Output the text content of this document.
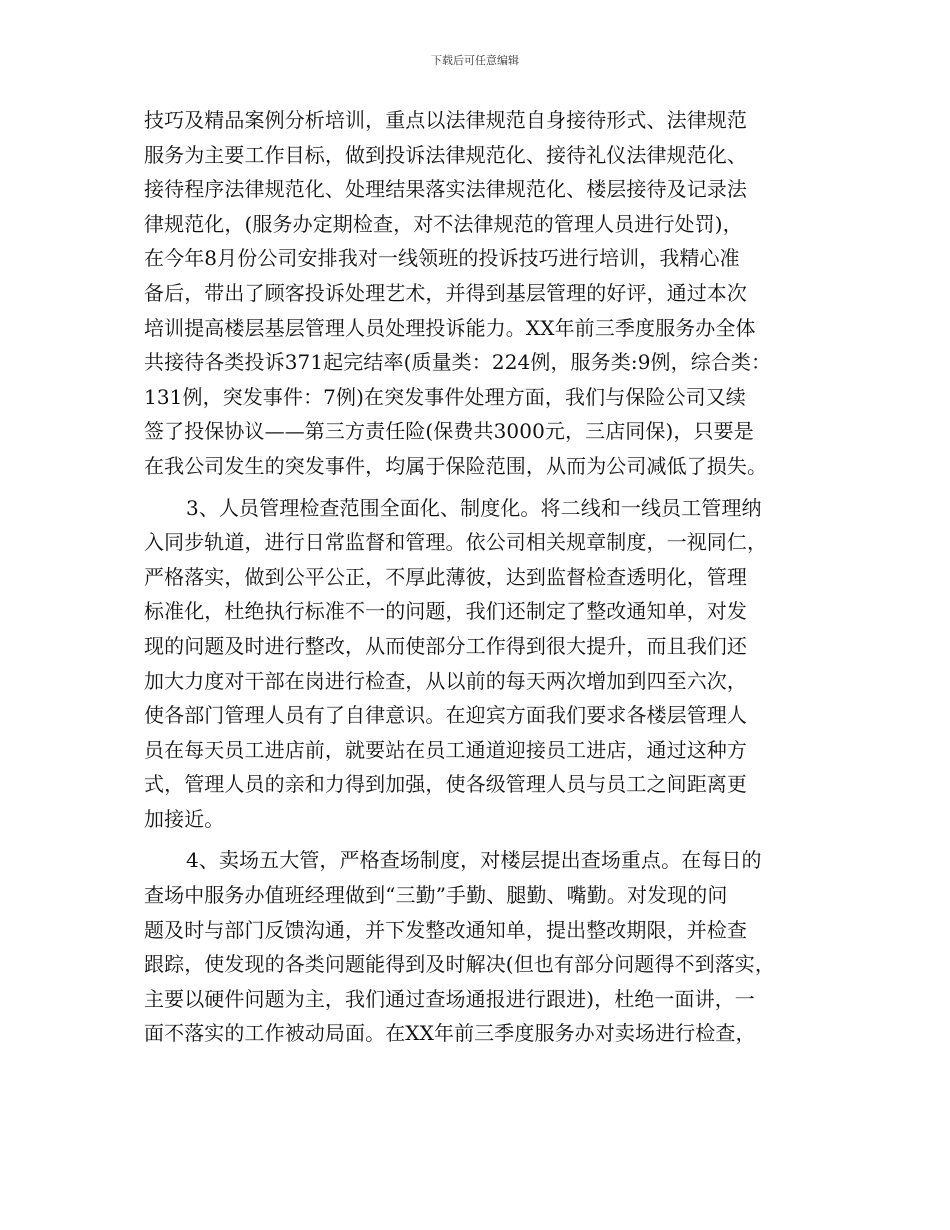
下载后可任意编辑
技巧及精品案例分析培训，重点以法律规范自身接待形式、法律规范
服务为主要工作目标，做到投诉法律规范化、接待礼仪法律规范化、
接待程序法律规范化、处理结果落实法律规范化、楼层接待及记录法
律规范化，(服务办定期检查，对不法律规范的管理人员进行处罚)，
在今年8月份公司安排我对一线领班的投诉技巧进行培训，我精心准
备后，带出了顾客投诉处理艺术，并得到基层管理的好评，通过本次
培训提高楼层基层管理人员处理投诉能力。XX年前三季度服务办全体
共接待各类投诉371起完结率(质量类：224例，服务类:9例，综合类：
131例，突发事件：7例)在突发事件处理方面，我们与保险公司又续
签了投保协议——第三方责任险(保费共3000元，三店同保)，只要是
在我公司发生的突发事件，均属于保险范围，从而为公司减低了损失。
3、人员管理检查范围全面化、制度化。将二线和一线员工管理纳
入同步轨道，进行日常监督和管理。依公司相关规章制度，一视同仁，
严格落实，做到公平公正，不厚此薄彼，达到监督检查透明化，管理
标准化，杜绝执行标准不一的问题，我们还制定了整改通知单，对发
现的问题及时进行整改，从而使部分工作得到很大提升，而且我们还
加大力度对干部在岗进行检查，从以前的每天两次增加到四至六次，
使各部门管理人员有了自律意识。在迎宾方面我们要求各楼层管理人
员在每天员工进店前，就要站在员工通道迎接员工进店，通过这种方
式，管理人员的亲和力得到加强，使各级管理人员与员工之间距离更
加接近。
4、卖场五大管，严格查场制度，对楼层提出查场重点。在每日的
查场中服务办值班经理做到“三勤”手勤、腿勤、嘴勤。对发现的问
题及时与部门反馈沟通，并下发整改通知单，提出整改期限，并检查
跟踪，使发现的各类问题能得到及时解决(但也有部分问题得不到落实，
主要以硬件问题为主，我们通过查场通报进行跟进)，杜绝一面讲，一
面不落实的工作被动局面。在XX年前三季度服务办对卖场进行检查，
